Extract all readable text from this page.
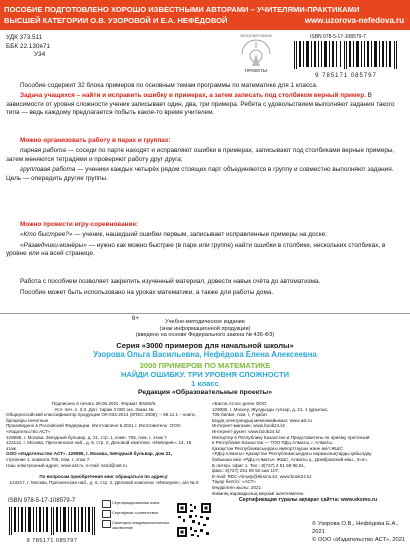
ПОСОБИЕ ПОДГОТОВЛЕНО ХОРОШО ИЗВЕСТНЫМИ АВТОРАМИ – УЧИТЕЛЯМИ-ПРАКТИКАМИ
ВЫСШЕЙ КАТЕГОРИИ О.В. УЗОРОВОЙ И Е.А. НЕФЁДОВОЙ	www.uzorova-nefedova.ru
УДК 373.511
ББК 22.130я71
У34
ОБРАЗОВАТЕЛЬНЫЕ
ПРОЕКТЫ
ISBN 978-5-17-108579-7
9 785171 085797
Пособие содержит 32 блока примеров по основным темам программы по математике для 1 класса.
Задача учащихся – найти и исправить ошибку в примерах, а затем записать под столбиком верный пример. В зависимости от уровня сложности ученик записывает один, два, три примера. Ребята с удовольствием выполняют задания такого типа — ведь каждому предлагается побыть какое-то время учителем.
Можно организовать работу в парах и группах:
парная работа — соседи по парте находят и исправляют ошибки в примерах, записывают под столбиками верные примеры, затем меняются тетрадями и проверяют работу друг друга;
групповая работа — ученики каждых четырёх рядом стоящих парт объединяются в группу и совместно выполняют задания. Цель — опередить другие группы.
Можно провести игру-соревнование:
«Кто быстрее?» — ученик, нашедший ошибки первым, записывает исправленные примеры на доске;
«Разведчики-минёры» — нужно как можно быстрее (в паре или группе) найти ошибки в столбике, нескольких столбиках, в уровне или на всей странице.
Работа с пособием позволяет закрепить изученный материал, довести навык счёта до автоматизма.
Пособие может быть использовано на уроках математики, а также для работы дома.
6+	Учебно-методическое издание
(знак информационной продукции)
(введено на основе Федерального закона № 436-ФЗ)
Серия «3000 примеров для начальной школы»
Узорова Ольга Васильевна, Нефёдова Елена Алексеевна
3000 ПРИМЕРОВ ПО МАТЕМАТИКЕ
НАЙДИ ОШИБКУ. ТРИ УРОВНЯ СЛОЖНОСТИ
1 класс
Редакция «Образовательные проекты»
Подписано в печать 28.06.2021. Формат 60x84/8.
Усл. печ. л. 3,3. Доп. тираж 3 000 экз. Заказ №
Общероссийский классификатор продукции ОК-034-2014 (КПЕС 2008); – 58.11.1 – книги, брошюры печатные
Произведено в Российской Федерации. Изготовлено в 2021 г. Изготовитель: ООО «Издательство АСТ»
129085, г. Москва, Звёздный бульвар, д. 21, стр. 1, комн. 705, пом. I, этаж 7
123112, г. Москва, Пресненская наб., д. 6, стр. 2, Деловой комплекс «Империя», 14, 15 этаж
ООО «Издательство АСТ». 129085, г. Москва, Звёздный бульвар, дом 21,
строение 1, комната 705, пом. I, этаж 7.
Наш электронный адрес: www.ast.ru, e-mail: ssnd@ast.ru
«Баспа Аста» деген ООО
129085, г. Мәскеу, Жұлдызды гүлзар, д. 21, 1 құрылыс,
705 бөлме, пом. I, 7-қабат
Біздің электрондық мекенжайымыз: www.ast.ru
Интернет-магазин: www.book24.kz
Интернет-дүкен: www.book24.kz
Импортер в Республику Казахстан и Представитель по приему претензий
в Республике Казахстан — ТОО РДЦ Алматы, г. Алматы.
Қазақстан Республикасындағы импорттаушы және өкіл ЖШС
«РДЦ-Алматы» Қазақстан Республикасындағы наразылықтарды қабылдау
бойынша өкіл «РДЦ-Алматы» ЖШС, Алматы қ., Домбровский көш., 3«а»,
Б литері, офис 1. Тел.: 8(727) 2 51 59 90,91,
факс: 8(727) 251 59 92 ішкі 107;
E-mail: RDC-Almaty@eksmo.kz, www.book24.kz
Тауар белгісі: «АСТ»
Өндірілген жылы: 2021
Өнімнің жарамдылық мерзімі шектелмеген.
Сертификация туралы ақпарат сайтта: www.eksmo.ru
По вопросам приобретения книг обращаться по адресу:
123317, г. Москва, Пресненская наб., д. 6, стр. 2, Деловой комплекс «Империя», а/я № 5
ISBN 978-5-17-108579-7
9 785171 085797
Сертифицированная книга
Сертификат соответствия
Санитарно-эпидемиологическое
заключение
© Узорова О.В., Нефёдова Е.А., 2021
© ООО «Издательство АСТ», 2021
